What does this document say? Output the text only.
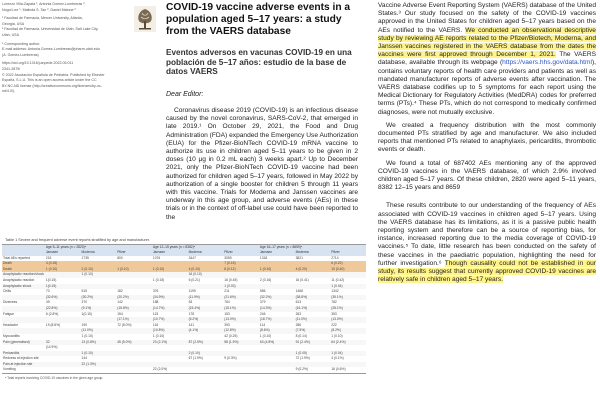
Lorenzo Villa-Zapata ¹, Antonia Gomez-Lumbreras ²,
Nogol Lee ¹, Malinda S. Tan ², Daniel Malone ²
¹ Facultad de Farmacia, Mercer University, Atlanta,
Georgia, USA
² Facultad de Farmacia, Universidad de Utah, Salt Lake City,
Utah, USA
* Corresponding author.
E-mail address: Antonia.Gomez-Lumbreras@pharm.utah.edu
(A. Gomez-Lumbreras)
https://doi.org/10.1016/j.anpede.2022.05.011
2341-2879/
© 2022 Asociación Española de Pediatría. Published by Elsevier
España, S.L.U. This is an open access article under the CC
BY-NC-ND license (http://creativecommons.org/licenses/by-nc-
nd/4.0/).
COVID-19 vaccine adverse events in a population aged 5–17 years: a study from the VAERS database
Eventos adversos en vacunas COVID-19 en una población de 5–17 años: estudio de la base de datos VAERS
Dear Editor:

Coronavirus disease 2019 (COVID-19) is an infectious disease caused by the novel coronavirus, SARS-CoV-2, that emerged in late 2019.¹ On October 29, 2021, the Food and Drug Administration (FDA) expanded the Emergency Use Authorization (EUA) for the Pfizer-BioNTech COVID-19 mRNA vaccine to authorize its use in children aged 5–11 years to be given in 2 doses (10 μg in 0.2 mL each) 3 weeks apart.² Up to December 2021, only the Pfizer-BioNTech COVID-19 vaccine had been authorized for children aged 5–17 years, followed in May 2022 by authorization of a single booster for children 5 through 11 years with this vaccine. Trials for Moderna and Janssen vaccines are underway in this age group, and adverse events (AEs) in these trials or in the context of off-label use could have been reported to the

Vaccine Adverse Event Reporting System (VAERS) database of the United States.³ Our study focused on the safety of the COVID-19 vaccines approved in the United States for children aged 5–17 years based on the AEs notified to the VAERS. We conducted an observational descriptive study by reviewing AE reports related to the Pfizer/Biotech, Moderna, and Janssen vaccines registered in the VAERS database from the dates the vaccines were first approved through December 1, 2021. The VAERS database, available through its webpage (https://vaers.hhs.gov/data.html), contains voluntary reports of health care providers and patients as well as mandated manufacturer reports of adverse events after vaccination. The VAERS database codifies up to 5 symptoms for each report using the Medical Dictionary for Regulatory Activities (MedDRA) codes for preferred terms (PTs).⁴ These PTs, which do not correspond to medically confirmed diagnoses, were not mutually exclusive.

We created a frequency distribution with the most commonly documented PTs stratified by age and manufacturer. We also included reports that mentioned PTs related to anaphylaxis, pericarditis, thrombotic events or death.

We found a total of 687402 AEs mentioning any of the approved COVID-19 vaccines in the VAERS database, of which 2.9% involved children aged 5–17 years. Of these children, 2820 were aged 5–11 years, 8382 12–15 years and 8659

These results contribute to our understanding of the frequency of AEs associated with COVID-19 vaccines in children aged 5–17 years. Using the VAERS database has its limitations, as it is a passive public health reporting system and therefore can be a source of reporting bias, for instance, increased reporting due to the media coverage of COVID-19 vaccines.⁵ To date, little research has been conducted on the safety of these vaccines in the paediatric population, highlighting the need for further investigation.⁶ Though causality could not be established in our study, its results suggest that currently approved COVID-19 vaccines are relatively safe in children aged 5–17 years.

Table 1 Severe and frequent adverse event reports stratified by age and manufacturer.
	Age 5–11 years (n = 2820)ᵃ			Age 12–15 years (n = 8382)ᵃ			Age 16–17 years (n = 8659)ᵃ		
	Janssen	Moderna	Pfizer	Janssen	Moderna	Pfizer	Janssen	Moderna	Pfizer
Total AEs reported	215	1735	800	1076	3447	3059	1318	3821	2714
Death	4 (0.15)					7 (0.15)			6 (0.22)
Death	1 (0.10)	2 (0.10)	1 (0.10)	1 (0.10)	4 (0.10)	8 (0.12)	1 (0.10)	4 (0.20)	10 (0.40)
Anaphylactic reaction/shock		1 (0.10)			16 (0.10)				
Anaphylactic reaction	1(0.15)			1 (0.15)	6 (0.21)	16 (0.45)	2 (0.16)	16 (0.41)	11 (0.42)
Anaphylactic shock	1(0.15)					1 (0.03)			1 (0.04)
Chills	70	515	182	376	1199	211	586	1468	1342
	(32.6%)	(30.2%)	(20.2%)	(34.9%)	(11.9%)	(21.6%)	(32.2%)	(38.8%)	(35.1%)
Dizziness	49	370	142	188	53	764	379	613	782
	(22.8%)	(9.1%)	(15.8%)	(14.7%)	(15.4%)	(15.1%)	(14.3%)	(16.1%)	(28.1%)
Fatigue	6 (2.8%)	1(0.15)	154	115	178	153	246	263	353
			(17.1%)	(10.7%)	(5.2%)	(13.0%)	(18.7%)	(11.0%)	(13.0%)
Headache	19 (8.8%)	190	72 (8.0%)	116	141	393	114	286	222
		(11.0%)		(10.8%)	(4.1%)	(12.8%)	(8.6%)	(7.5%)	(8.2%)
Myocarditis		1 (0.10)		1 (0.10)		42 (0.25)	1 (0.10)	8 (0.14)	1 (0.10)
Pain (generalised)	32	13 (0.8%)	45 (5.0%)	23 (2.1%)	87 (2.5%)	58 (1.9%)	63 (4.8%)	91 (2.4%)	64 (2.4%)
	(14.9%)								
Pericarditis		1 (0.10)			2 (0.10)			1 (0.05)	1 (0.04)
Redness at injection site		144			67 (1.9%)	9 (0.3%)		72 (1.9%)	4 (0.1%)
Pain at injection site		22 (1.3%)							
Vomiting				22 (2.0%)				9 (0.2%)	16 (0.6%)
ᵃ Total reports involving COVID-19 vaccines in the given age group.
